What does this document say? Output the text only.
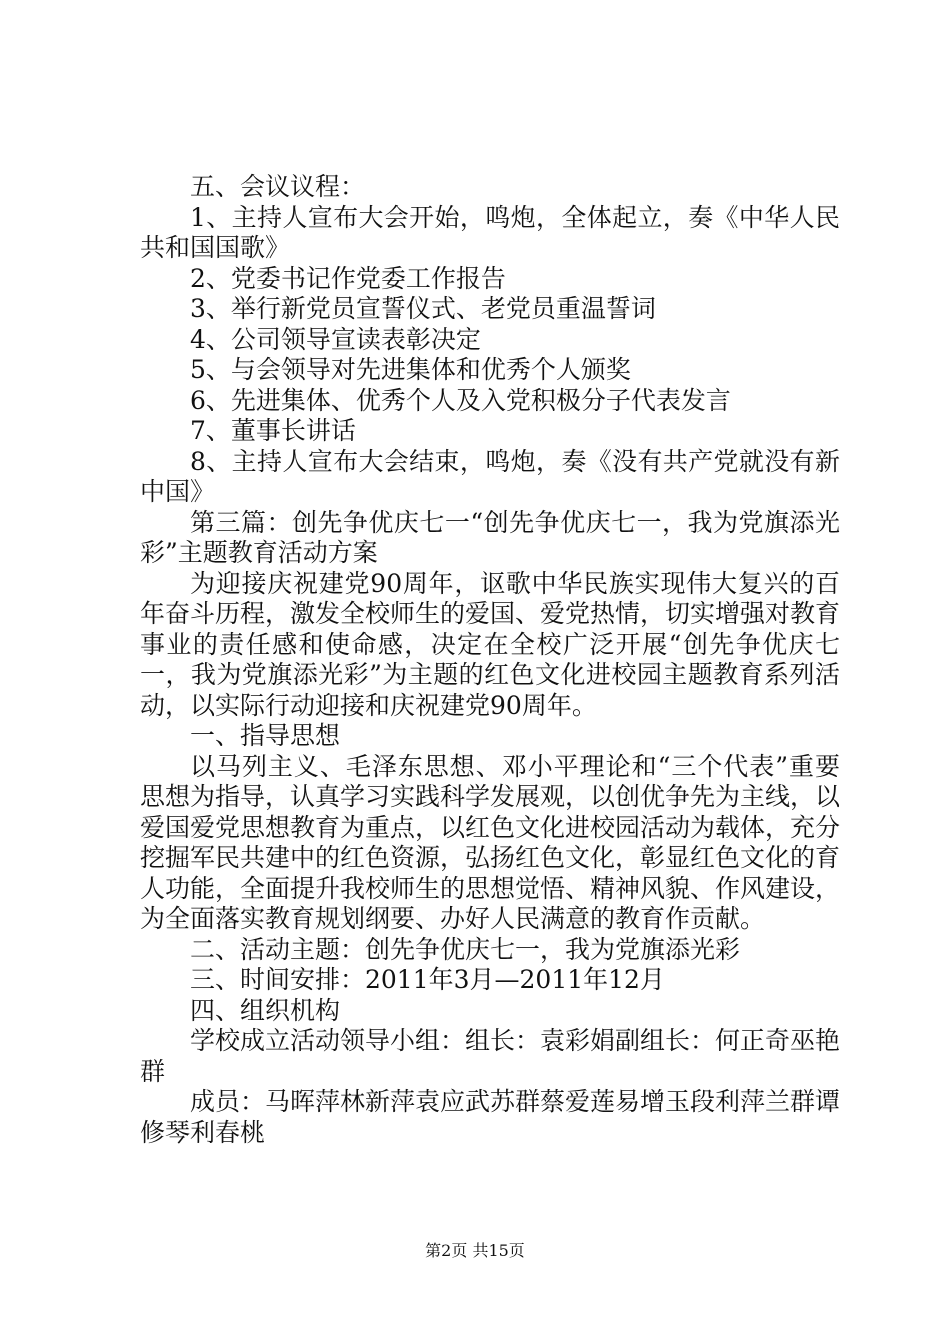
五、会议议程：

1、主持人宣布大会开始，鸣炮，全体起立，奏《中华人民共和国国歌》

2、党委书记作党委工作报告

3、举行新党员宣誓仪式、老党员重温誓词

4、公司领导宣读表彰决定

5、与会领导对先进集体和优秀个人颁奖

6、先进集体、优秀个人及入党积极分子代表发言

7、董事长讲话

8、主持人宣布大会结束，鸣炮，奏《没有共产党就没有新中国》

第三篇：创先争优庆七一“创先争优庆七一，我为党旗添光彩”主题教育活动方案

为迎接庆祝建党90周年，讴歌中华民族实现伟大复兴的百年奋斗历程，激发全校师生的爱国、爱党热情，切实增强对教育事业的责任感和使命感，决定在全校广泛开展“创先争优庆七一，我为党旗添光彩”为主题的红色文化进校园主题教育系列活动，以实际行动迎接和庆祝建党90周年。

一、指导思想

以马列主义、毛泽东思想、邓小平理论和“三个代表”重要思想为指导，认真学习实践科学发展观，以创优争先为主线，以爱国爱党思想教育为重点，以红色文化进校园活动为载体，充分挖掘军民共建中的红色资源，弘扬红色文化，彰显红色文化的育人功能，全面提升我校师生的思想觉悟、精神风貌、作风建设，为全面落实教育规划纲要、办好人民满意的教育作贡献。

二、活动主题：创先争优庆七一，我为党旗添光彩

三、时间安排：2011年3月—2011年12月

四、组织机构

学校成立活动领导小组：组长：袁彩娟副组长：何正奇巫艳群

成员：马晖萍林新萍袁应武苏群蔡爱莲易增玉段利萍兰群谭修琴利春桃

第2页 共15页
